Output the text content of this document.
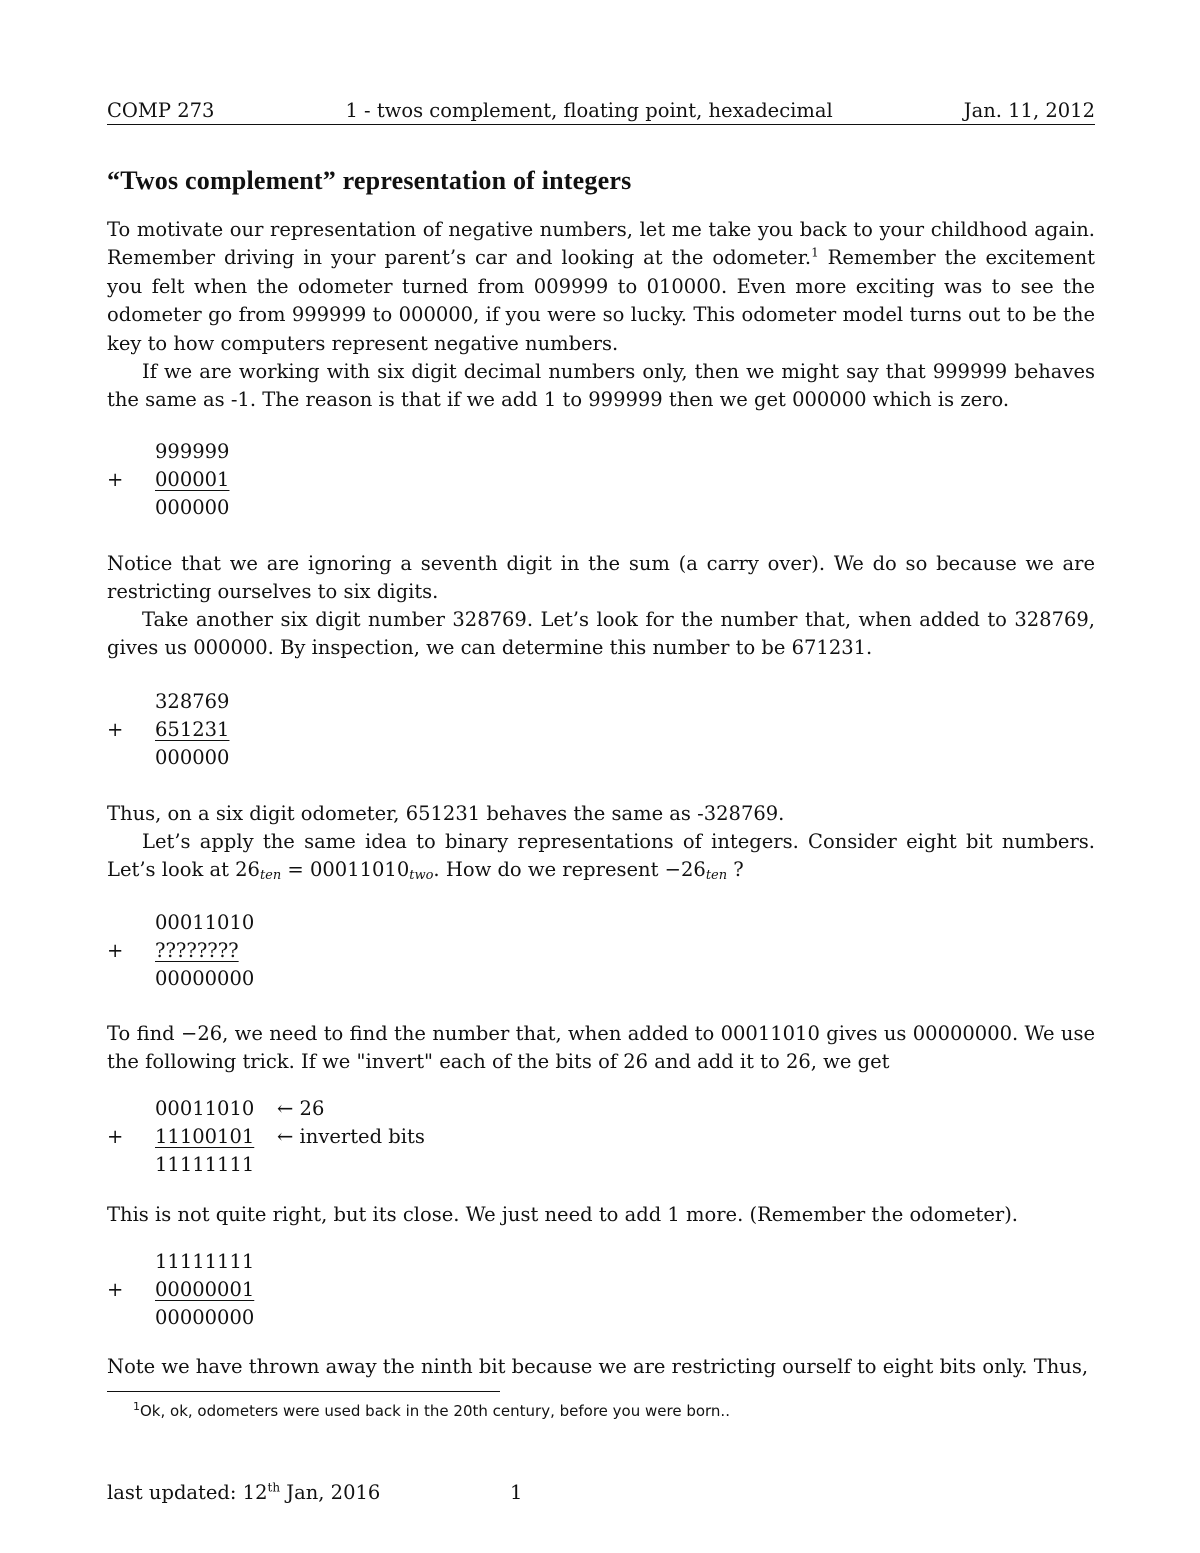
COMP 273	1 - twos complement, floating point, hexadecimal	Jan. 11, 2012
“Twos complement” representation of integers

To motivate our representation of negative numbers, let me take you back to your childhood again. Remember driving in your parent’s car and looking at the odometer.$^1$ Remember the excitement you felt when the odometer turned from 009999 to 010000. Even more exciting was to see the odometer go from 999999 to 000000, if you were so lucky. This odometer model turns out to be the key to how computers represent negative numbers.

If we are working with six digit decimal numbers only, then we might say that 999999 behaves the same as -1. The reason is that if we add 1 to 999999 then we get 000000 which is zero.

999999
+ 000001
000000

Notice that we are ignoring a seventh digit in the sum (a carry over). We do so because we are restricting ourselves to six digits.

Take another six digit number 328769. Let’s look for the number that, when added to 328769, gives us 000000. By inspection, we can determine this number to be 671231.

328769
+ 651231
000000

Thus, on a six digit odometer, 651231 behaves the same as -328769.

Let’s apply the same idea to binary representations of integers. Consider eight bit numbers. Let’s look at $26_{ten} = 00011010_{two}$. How do we represent $-26_{ten}$ ?

00011010
+ ????????
00000000

To find −26, we need to find the number that, when added to 00011010 gives us 00000000. We use the following trick. If we "invert" each of the bits of 26 and add it to 26, we get

00011010 ← 26
+ 11100101 ← inverted bits
11111111

This is not quite right, but its close. We just need to add 1 more. (Remember the odometer).

11111111
+ 00000001
00000000

Note we have thrown away the ninth bit because we are restricting ourself to eight bits only. Thus,

$^1$Ok, ok, odometers were used back in the 20th century, before you were born..
last updated: 12th Jan, 2016	1
